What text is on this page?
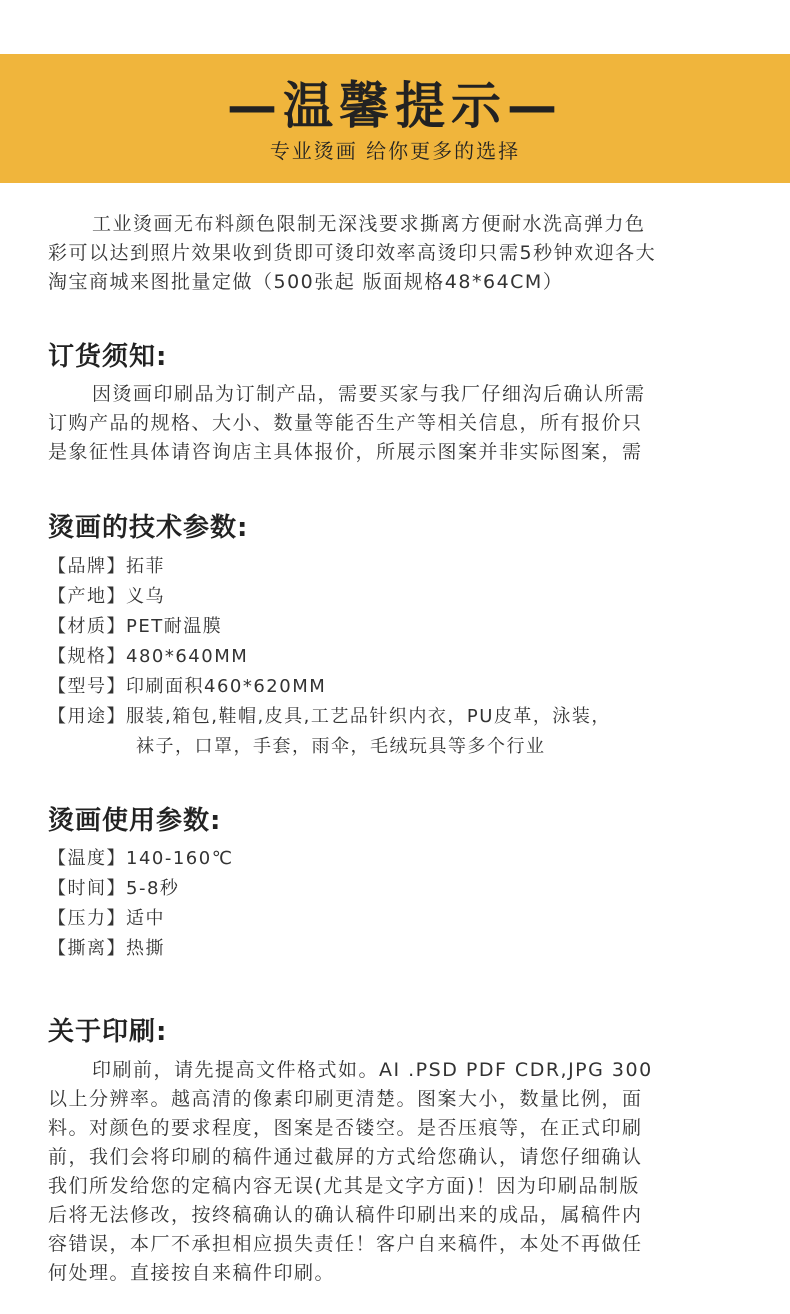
—温馨提示—
专业烫画 给你更多的选择
工业烫画无布料颜色限制无深浅要求撕离方便耐水洗高弹力色
彩可以达到照片效果收到货即可烫印效率高烫印只需5秒钟欢迎各大
淘宝商城来图批量定做（500张起 版面规格48*64CM）
订货须知:
因烫画印刷品为订制产品，需要买家与我厂仔细沟后确认所需
订购产品的规格、大小、数量等能否生产等相关信息，所有报价只
是象征性具体请咨询店主具体报价，所展示图案并非实际图案，需
烫画的技术参数:
【品牌】拓菲
【产地】义乌
【材质】PET耐温膜
【规格】480*640MM
【型号】印刷面积460*620MM
【用途】服装,箱包,鞋帽,皮具,工艺品针织内衣，PU皮革，泳装，
袜子，口罩，手套，雨伞，毛绒玩具等多个行业
烫画使用参数:
【温度】140-160℃
【时间】5-8秒
【压力】适中
【撕离】热撕
关于印刷:
印刷前，请先提高文件格式如。AI .PSD PDF CDR,JPG 300
以上分辨率。越高清的像素印刷更清楚。图案大小，数量比例，面
料。对颜色的要求程度，图案是否镂空。是否压痕等，在正式印刷
前，我们会将印刷的稿件通过截屏的方式给您确认，请您仔细确认
我们所发给您的定稿内容无误(尤其是文字方面)！因为印刷品制版
后将无法修改，按终稿确认的确认稿件印刷出来的成品，属稿件内
容错误，本厂不承担相应损失责任！客户自来稿件，本处不再做任
何处理。直接按自来稿件印刷。
